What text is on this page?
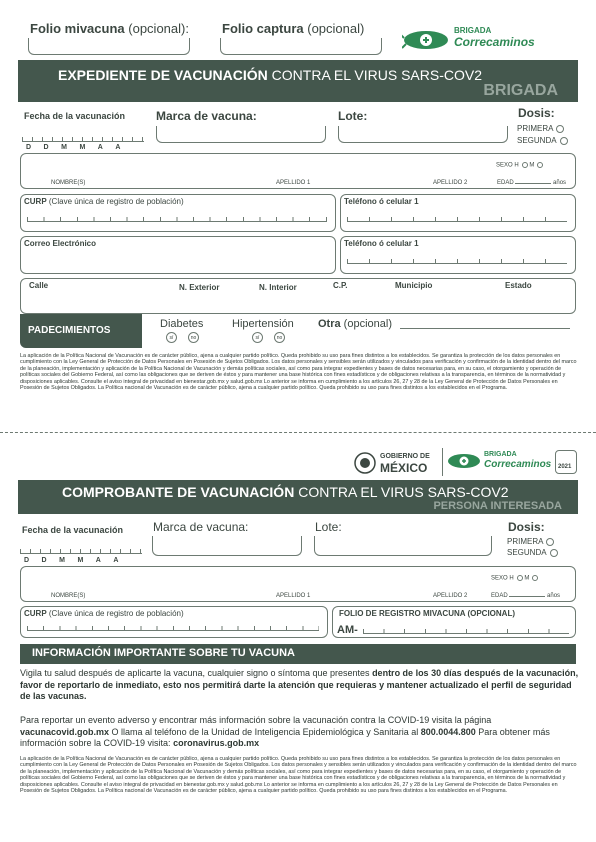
Folio mivacuna (opcional):	Folio captura (opcional)	BRIGADA
Correcaminos
EXPEDIENTE DE VACUNACIÓN CONTRA EL VIRUS SARS-COV2
BRIGADA
Fecha de la vacunación
DDMMAA
Marca de vacuna:	Lote:	Dosis:
PRIMERA
SEGUNDA
NOMBRE(S)	APELLIDO 1	APELLIDO 2
SEXO H M
EDAD	años
CURP (Clave única de registro de población)	Teléfono ó celular 1
Correo Electrónico	Teléfono ó celular 1
Calle	N. Exterior	N. Interior	C.P.	Municipio	Estado
PADECIMIENTOS
Diabetes
sí	no
Hipertensión
sí	no
Otra (opcional)
La aplicación de la Política Nacional de Vacunación es de carácter público, ajena a cualquier partido político. Queda prohibido su uso para fines distintos a los establecidos. Se garantiza la protección de los datos personales en cumplimiento con la Ley General de Protección de Datos Personales en Posesión de Sujetos Obligados. Los datos personales y sensibles serán utilizados y vinculados para verificación y confirmación de la identidad dentro del marco de la planeación, implementación y aplicación de la Política Nacional de Vacunación y demás políticas sociales, así como para integrar expedientes y bases de datos necesarias para, en su caso, el otorgamiento y operación de políticas sociales del Gobierno Federal, así como las obligaciones que se deriven de éstos y para mantener una base histórica con fines estadísticos y de obligaciones relativas a la transparencia, en términos de la normatividad y disposiciones aplicables. Consulte el aviso integral de privacidad en bienestar.gob.mx y salud.gob.mx Lo anterior se informa en cumplimiento a los artículos 26, 27 y 28 de la Ley General de Protección de Datos Personales en Posesión de Sujetos Obligados. La Política nacional de Vacunación es de carácter público, ajena a cualquier partido político. Queda prohibido su uso para fines distintos a los establecidos en el Programa.
GOBIERNO DE
MÉXICO
BRIGADA
Correcaminos 2021
COMPROBANTE DE VACUNACIÓN CONTRA EL VIRUS SARS-COV2
PERSONA INTERESADA
Fecha de la vacunación
DDMMAA
Marca de vacuna:	Lote:	Dosis:
PRIMERA
SEGUNDA
NOMBRE(S)	APELLIDO 1	APELLIDO 2
SEXO H M
EDAD	años
CURP (Clave única de registro de población)	FOLIO DE REGISTRO MIVACUNA (OPCIONAL)
AM-
INFORMACIÓN IMPORTANTE SOBRE TU VACUNA
Vigila tu salud después de aplicarte la vacuna, cualquier signo o síntoma que presentes dentro de los 30 días después de la vacunación, favor de reportarlo de inmediato, esto nos permitirá darte la atención que requieras y mantener actualizado el perfil de seguridad de las vacunas.
Para reportar un evento adverso y encontrar más información sobre la vacunación contra la COVID-19 visita la página vacunacovid.gob.mx O llama al teléfono de la Unidad de Inteligencia Epidemiológica y Sanitaria al 800.0044.800 Para obtener más información sobre la COVID-19 visita: coronavirus.gob.mx
La aplicación de la Política Nacional de Vacunación es de carácter público, ajena a cualquier partido político. Queda prohibido su uso para fines distintos a los establecidos. Se garantiza la protección de los datos personales en cumplimiento con la Ley General de Protección de Datos Personales en Posesión de Sujetos Obligados. Los datos personales y sensibles serán utilizados y vinculados para verificación y confirmación de la identidad dentro del marco de la planeación, implementación y aplicación de la Política Nacional de Vacunación y demás políticas sociales, así como para integrar expedientes y bases de datos necesarias para, en su caso, el otorgamiento y operación de políticas sociales del Gobierno Federal, así como las obligaciones que se deriven de éstos y para mantener una base histórica con fines estadísticos y de obligaciones relativas a la transparencia, en términos de la normatividad y disposiciones aplicables. Consulte el aviso integral de privacidad en bienestar.gob.mx y salud.gob.mx Lo anterior se informa en cumplimiento a los artículos 26, 27 y 28 de la Ley General de Protección de Datos Personales en Posesión de Sujetos Obligados. La Política nacional de Vacunación es de carácter público, ajena a cualquier partido político. Queda prohibido su uso para fines distintos a los establecidos en el Programa.
